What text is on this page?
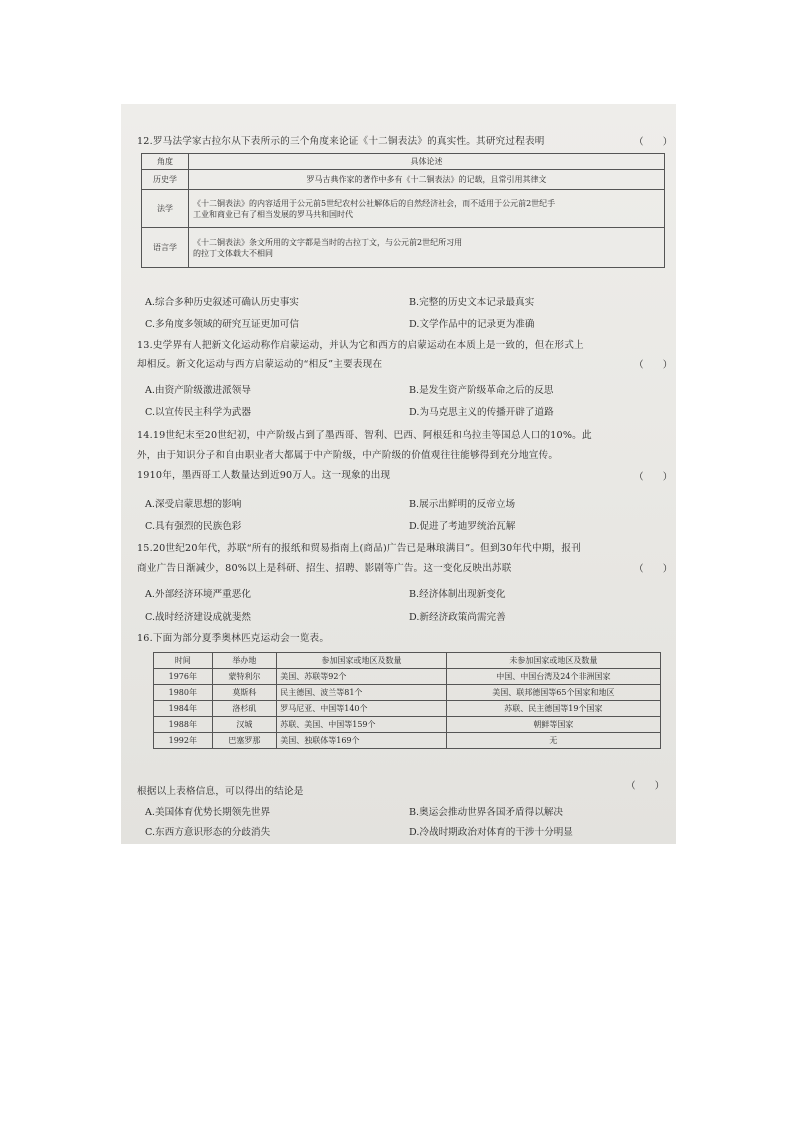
12.罗马法学家古拉尔从下表所示的三个角度来论证《十二铜表法》的真实性。其研究过程表明	（　　）
角度	具体论述
历史学	罗马古典作家的著作中多有《十二铜表法》的记载，且常引用其律文
法学	《十二铜表法》的内容适用于公元前5世纪农村公社解体后的自然经济社会，而不适用于公元前2世纪手
工业和商业已有了相当发展的罗马共和国时代

语言学	《十二铜表法》条文所用的文字都是当时的古拉丁文，与公元前2世纪所习用
的拉丁文体载大不相同
A.综合多种历史叙述可确认历史事实	B.完整的历史文本记录最真实
C.多角度多领域的研究互证更加可信	D.文学作品中的记录更为准确
13.史学界有人把新文化运动称作启蒙运动，并认为它和西方的启蒙运动在本质上是一致的，但在形式上
却相反。新文化运动与西方启蒙运动的“相反”主要表现在	（　　）
A.由资产阶级激进派领导	B.是发生资产阶级革命之后的反思
C.以宣传民主科学为武器	D.为马克思主义的传播开辟了道路
14.19世纪末至20世纪初，中产阶级占到了墨西哥、智利、巴西、阿根廷和乌拉圭等国总人口的10%。此
外，由于知识分子和自由职业者大都属于中产阶级，中产阶级的价值观往往能够得到充分地宣传。
1910年，墨西哥工人数量达到近90万人。这一现象的出现	（　　）
A.深受启蒙思想的影响	B.展示出鲜明的反帝立场
C.具有强烈的民族色彩	D.促进了考迪罗统治瓦解
15.20世纪20年代，苏联“所有的报纸和贸易指南上(商品)广告已是琳琅满目”。但到30年代中期，报刊
商业广告日渐减少，80%以上是科研、招生、招聘、影剧等广告。这一变化反映出苏联	（　　）
A.外部经济环境严重恶化	B.经济体制出现新变化
C.战时经济建设成就斐然	D.新经济政策尚需完善
16.下面为部分夏季奥林匹克运动会一览表。
时间	举办地	参加国家或地区及数量	未参加国家或地区及数量
1976年	蒙特利尔	美国、苏联等92个	中国、中国台湾及24个非洲国家
1980年	莫斯科	民主德国、波兰等81个	美国、联邦德国等65个国家和地区
1984年	洛杉矶	罗马尼亚、中国等140个	苏联、民主德国等19个国家
1988年	汉城	苏联、美国、中国等159个	朝鲜等国家
1992年	巴塞罗那	美国、独联体等169个	无
根据以上表格信息，可以得出的结论是	（　　）
A.美国体育优势长期领先世界	B.奥运会推动世界各国矛盾得以解决
C.东西方意识形态的分歧消失	D.冷战时期政治对体育的干涉十分明显
